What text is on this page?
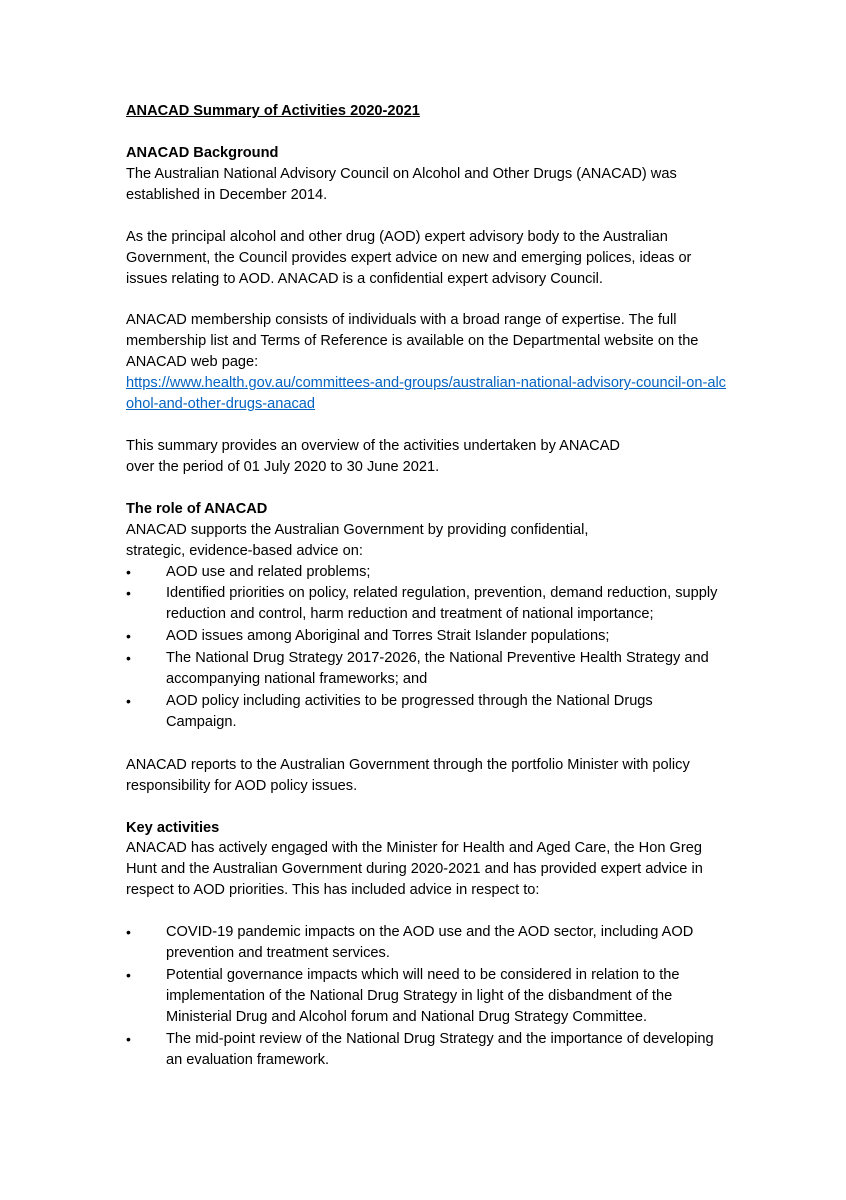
ANACAD Summary of Activities 2020-2021
ANACAD Background

The Australian National Advisory Council on Alcohol and Other Drugs (ANACAD) was established in December 2014.

As the principal alcohol and other drug (AOD) expert advisory body to the Australian Government, the Council provides expert advice on new and emerging polices, ideas or issues relating to AOD. ANACAD is a confidential expert advisory Council.

ANACAD membership consists of individuals with a broad range of expertise. The full membership list and Terms of Reference is available on the Departmental website on the ANACAD web page:

https://www.health.gov.au/committees-and-groups/australian-national-advisory-council-on-alcohol-and-other-drugs-anacad

This summary provides an overview of the activities undertaken by ANACAD
over the period of 01 July 2020 to 30 June 2021.

The role of ANACAD

ANACAD supports the Australian Government by providing confidential,
strategic, evidence-based advice on:

•	AOD use and related problems;
•	Identified priorities on policy, related regulation, prevention, demand reduction, supply reduction and control, harm reduction and treatment of national importance;
•	AOD issues among Aboriginal and Torres Strait Islander populations;
•	The National Drug Strategy 2017-2026, the National Preventive Health Strategy and accompanying national frameworks; and
•	AOD policy including activities to be progressed through the National Drugs Campaign.

ANACAD reports to the Australian Government through the portfolio Minister with policy responsibility for AOD policy issues.

Key activities

ANACAD has actively engaged with the Minister for Health and Aged Care, the Hon Greg Hunt and the Australian Government during 2020-2021 and has provided expert advice in respect to AOD priorities. This has included advice in respect to:

•	COVID-19 pandemic impacts on the AOD use and the AOD sector, including AOD prevention and treatment services.
•	Potential governance impacts which will need to be considered in relation to the implementation of the National Drug Strategy in light of the disbandment of the Ministerial Drug and Alcohol forum and National Drug Strategy Committee.
•	The mid-point review of the National Drug Strategy and the importance of developing an evaluation framework.
